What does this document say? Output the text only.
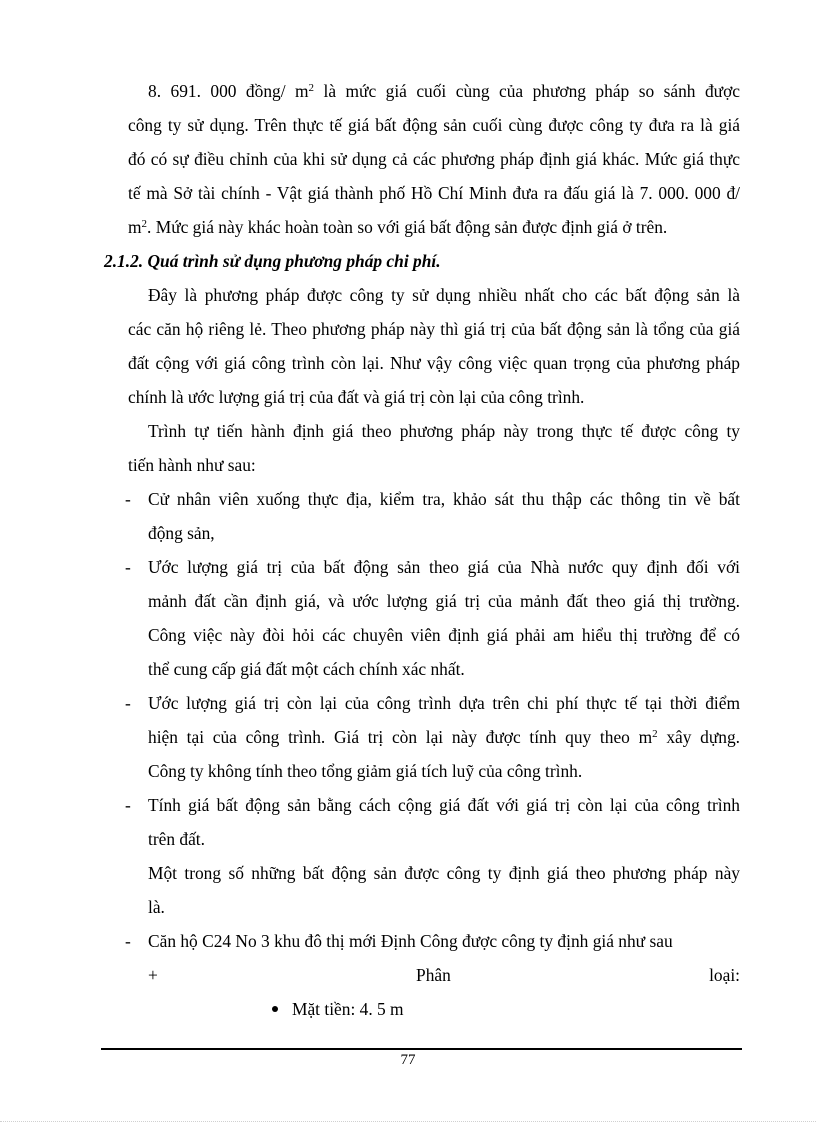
8. 691. 000 đồng/ $m^2$ là mức giá cuối cùng của phương pháp so sánh được

công ty sử dụng. Trên thực tế giá bất động sản cuối cùng được công ty đưa ra là giá

đó có sự điều chỉnh của khi sử dụng cả các phương pháp định giá khác. Mức giá thực

tế mà Sở tài chính - Vật giá thành phố Hồ Chí Minh đưa ra đấu giá là 7. 000. 000 đ/

$m^2$. Mức giá này khác hoàn toàn so với giá bất động sản được định giá ở trên.

2.1.2. Quá trình sử dụng phương pháp chi phí.

Đây là phương pháp được công ty sử dụng nhiều nhất cho các bất động sản là

các căn hộ riêng lẻ. Theo phương pháp này thì giá trị của bất động sản là tổng của giá

đất cộng với giá công trình còn lại. Như vậy công việc quan trọng của phương pháp

chính là ước lượng giá trị của đất và giá trị còn lại của công trình.

Trình tự tiến hành định giá theo phương pháp này trong thực tế được công ty

tiến hành như sau:

- Cử nhân viên xuống thực địa, kiểm tra, khảo sát thu thập các thông tin về bất

động sản,

- Ước lượng giá trị của bất động sản theo giá của Nhà nước quy định đối với

mảnh đất cần định giá, và ước lượng giá trị của mảnh đất theo giá thị trường.

Công việc này đòi hỏi các chuyên viên định giá phải am hiểu thị trường để có

thể cung cấp giá đất một cách chính xác nhất.

- Ước lượng giá trị còn lại của công trình dựa trên chi phí thực tế tại thời điểm

hiện tại của công trình. Giá trị còn lại này được tính quy theo $m^2$ xây dựng.

Công ty không tính theo tổng giảm giá tích luỹ của công trình.

- Tính giá bất động sản bằng cách cộng giá đất với giá trị còn lại của công trình

trên đất.

Một trong số những bất động sản được công ty định giá theo phương pháp này

là.

- Căn hộ C24 No 3 khu đô thị mới Định Công được công ty định giá như sau

+	Phân	loại:
Mặt tiền: 4. 5 m
77
